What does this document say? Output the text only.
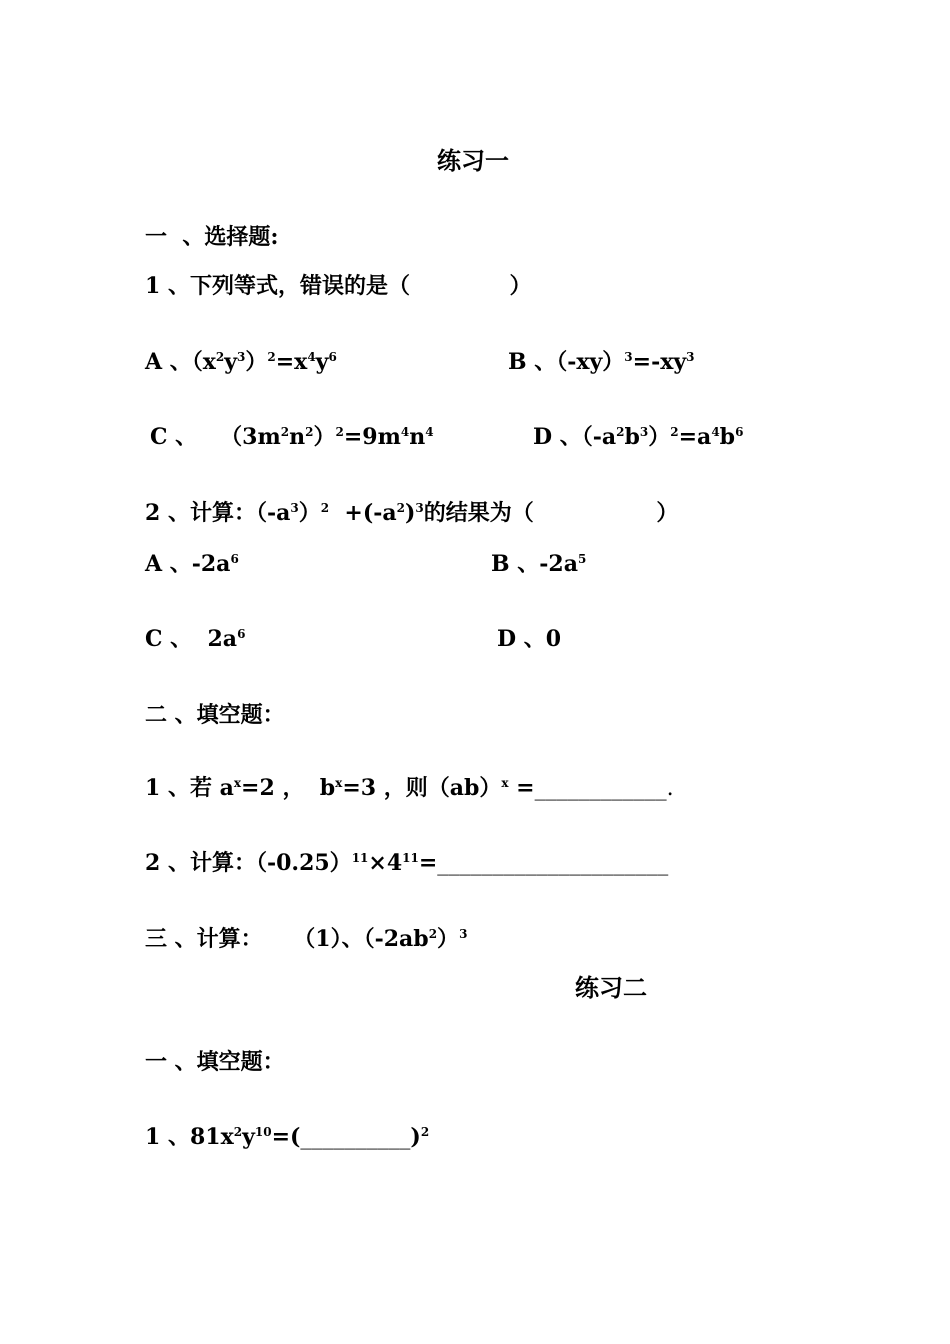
练习一
一  、选择题:
1 、下列等式，错误的是（             ）
A 、$(x^2y^3)^2=x^4y^6$	B 、$(-xy)^3=-xy^3$
C 、   $(3m^2n^2)^2=9m^4n^4$	D 、$(-a^2b^3)^2=a^4b^6$
2 、计算：$(-a^3)^2 +(-a^2)^3$的结果为（                ）
A 、$-2a^6$	B 、$-2a^5$
C 、  $2a^6$	D 、0
二 、填空题：
1 、若 $a^x=2$ ，  $b^x=3$ ，则（ab）$^x$ =____________.
2 、计算：$(-0.25)^{11}\times 4^{11}=\_\_\_\_\_\_\_\_\_\_\_\_\_\_\_\_\_\_\_\_\_$
三 、计算：    （1）、$(-2ab^2)^3$
练习二
一 、填空题：
1 、$81x^2y^{10}=(\_\_\_\_\_\_\_\_\_\_)^2$
